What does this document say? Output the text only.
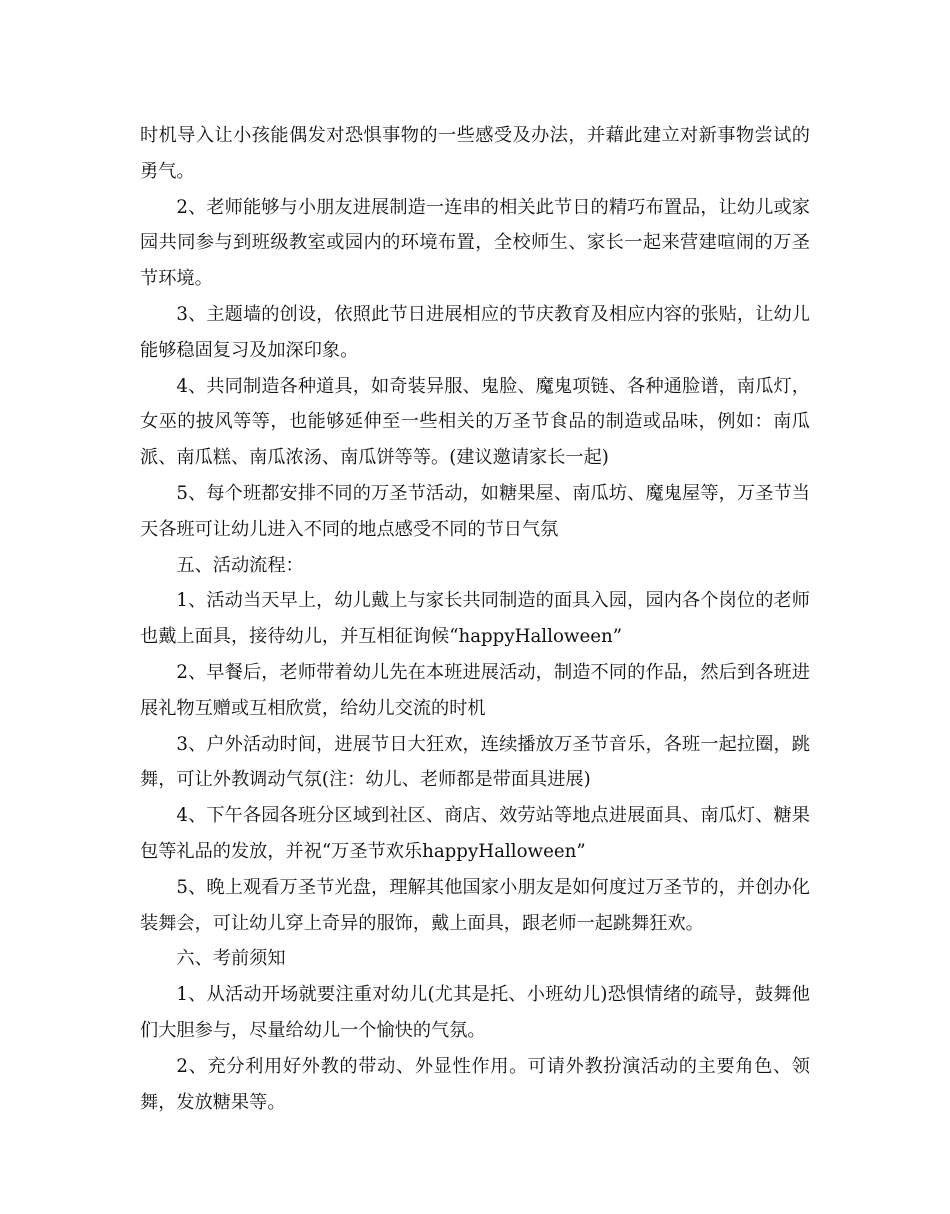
时机导入让小孩能偶发对恐惧事物的一些感受及办法，并藉此建立对新事物尝试的勇气。

2、老师能够与小朋友进展制造一连串的相关此节日的精巧布置品，让幼儿或家园共同参与到班级教室或园内的环境布置，全校师生、家长一起来营建喧闹的万圣节环境。

3、主题墙的创设，依照此节日进展相应的节庆教育及相应内容的张贴，让幼儿能够稳固复习及加深印象。

4、共同制造各种道具，如奇装异服、鬼脸、魔鬼项链、各种通脸谱，南瓜灯，女巫的披风等等，也能够延伸至一些相关的万圣节食品的制造或品味，例如：南瓜派、南瓜糕、南瓜浓汤、南瓜饼等等。(建议邀请家长一起)

5、每个班都安排不同的万圣节活动，如糖果屋、南瓜坊、魔鬼屋等，万圣节当天各班可让幼儿进入不同的地点感受不同的节日气氛

五、活动流程：

1、活动当天早上，幼儿戴上与家长共同制造的面具入园，园内各个岗位的老师也戴上面具，接待幼儿，并互相征询候“happyHalloween”

2、早餐后，老师带着幼儿先在本班进展活动，制造不同的作品，然后到各班进展礼物互赠或互相欣赏，给幼儿交流的时机

3、户外活动时间，进展节日大狂欢，连续播放万圣节音乐，各班一起拉圈，跳舞，可让外教调动气氛(注：幼儿、老师都是带面具进展)

4、下午各园各班分区域到社区、商店、效劳站等地点进展面具、南瓜灯、糖果包等礼品的发放，并祝“万圣节欢乐happyHalloween”

5、晚上观看万圣节光盘，理解其他国家小朋友是如何度过万圣节的，并创办化装舞会，可让幼儿穿上奇异的服饰，戴上面具，跟老师一起跳舞狂欢。

六、考前须知

1、从活动开场就要注重对幼儿(尤其是托、小班幼儿)恐惧情绪的疏导，鼓舞他们大胆参与，尽量给幼儿一个愉快的气氛。

2、充分利用好外教的带动、外显性作用。可请外教扮演活动的主要角色、领舞，发放糖果等。
